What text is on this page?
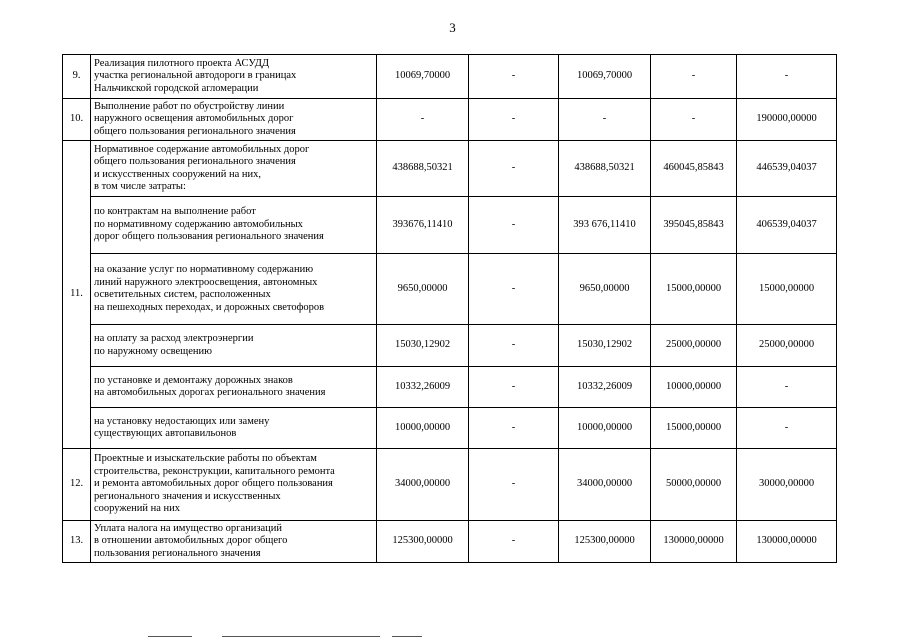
3
9.	Реализация пилотного проекта АСУДД
участка региональной автодороги в границах
Нальчикской городской агломерации	10069,70000	-	10069,70000	-	-
10.	Выполнение работ по обустройству линии
наружного освещения автомобильных дорог
общего пользования регионального значения	-	-	-	-	190000,00000
11.	Нормативное содержание автомобильных дорог
общего пользования регионального значения
и искусственных сооружений на них,
в том числе затраты:	438688,50321	-	438688,50321	460045,85843	446539,04037

	по контрактам на выполнение работ
по нормативному содержанию автомобильных
дорог общего пользования регионального значения	393676,11410	-	393 676,11410	395045,85843	406539,04037

	на оказание услуг по нормативному содержанию
линий наружного электроосвещения, автономных
осветительных систем, расположенных
на пешеходных переходах, и дорожных светофоров	9650,00000	-	9650,00000	15000,00000	15000,00000

	на оплату за расход электроэнергии
по наружному освещению	15030,12902	-	15030,12902	25000,00000	25000,00000

	по установке и демонтажу дорожных знаков
на автомобильных дорогах регионального значения	10332,26009	-	10332,26009	10000,00000	-

	на установку недостающих или замену
существующих автопавильонов	10000,00000	-	10000,00000	15000,00000	-
12.	Проектные и изыскательские работы по объектам
строительства, реконструкции, капитального ремонта
и ремонта автомобильных дорог общего пользования
регионального значения и искусственных
сооружений на них	34000,00000	-	34000,00000	50000,00000	30000,00000
13.	Уплата налога на имущество организаций
в отношении автомобильных дорог общего
пользования регионального значения	125300,00000	-	125300,00000	130000,00000	130000,00000
